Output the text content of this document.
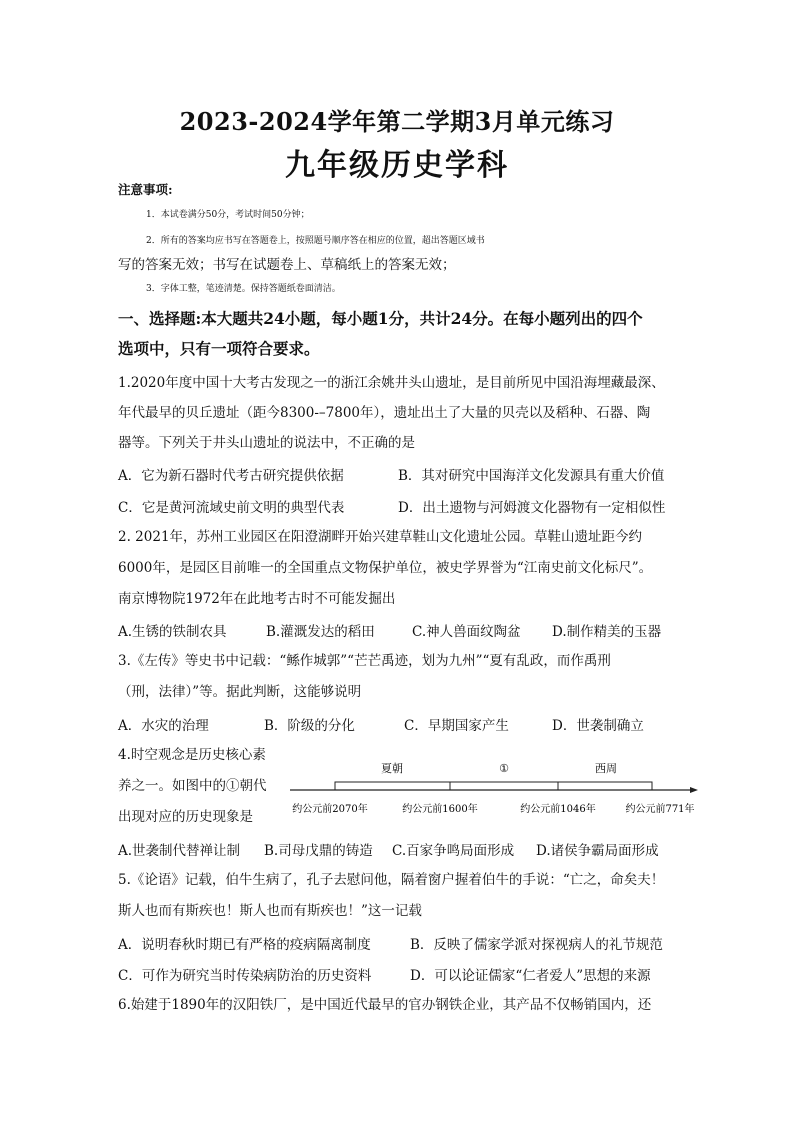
2023-2024学年第二学期3月单元练习
九年级历史学科
注意事项:
1．本试卷满分50分，考试时间50分钟；
2．所有的答案均应书写在答题卷上，按照题号顺序答在相应的位置，超出答题区域书
写的答案无效；书写在试题卷上、草稿纸上的答案无效；
3．字体工整，笔迹清楚。保持答题纸卷面清洁。
一、选择题:本大题共24小题，每小题1分，共计24分。在每小题列出的四个
选项中，只有一项符合要求。
1.2020年度中国十大考古发现之一的浙江余姚井头山遗址，是目前所见中国沿海埋藏最深、
年代最早的贝丘遗址（距今8300-–7800年），遗址出土了大量的贝壳以及稻种、石器、陶
器等。下列关于井头山遗址的说法中，不正确的是
A．它为新石器时代考古研究提供依据	B．其对研究中国海洋文化发源具有重大价值
C．它是黄河流域史前文明的典型代表	D．出土遗物与河姆渡文化器物有一定相似性
2. 2021年，苏州工业园区在阳澄湖畔开始兴建草鞋山文化遗址公园。草鞋山遗址距今约
6000年，是园区目前唯一的全国重点文物保护单位，被史学界誉为“江南史前文化标尺”。
南京博物院1972年在此地考古时不可能发掘出
A.生锈的铁制农具	B.灌溉发达的稻田	C.神人兽面纹陶盆 D.制作精美的玉器
3.《左传》等史书中记载：“鲧作城郭”“芒芒禹迹，划为九州”“夏有乱政，而作禹刑
（刑，法律）”等。据此判断，这能够说明
A．水灾的治理	B．阶级的分化	C．早期国家产生	D．世袭制确立
4.时空观念是历史核心素
养之一。如图中的①朝代
出现对应的历史现象是
夏朝	①	西周
约公元前2070年	约公元前1600年	约公元前1046年	约公元前771年
A.世袭制代替禅让制 B.司母戊鼎的铸造 C.百家争鸣局面形成 D.诸侯争霸局面形成
5.《论语》记载，伯牛生病了，孔子去慰问他，隔着窗户握着伯牛的手说：“亡之，命矣夫！
斯人也而有斯疾也！斯人也而有斯疾也！”这一记载
A．说明春秋时期已有严格的疫病隔离制度	B．反映了儒家学派对探视病人的礼节规范
C．可作为研究当时传染病防治的历史资料	D．可以论证儒家“仁者爱人”思想的来源
6.始建于1890年的汉阳铁厂，是中国近代最早的官办钢铁企业，其产品不仅畅销国内，还
